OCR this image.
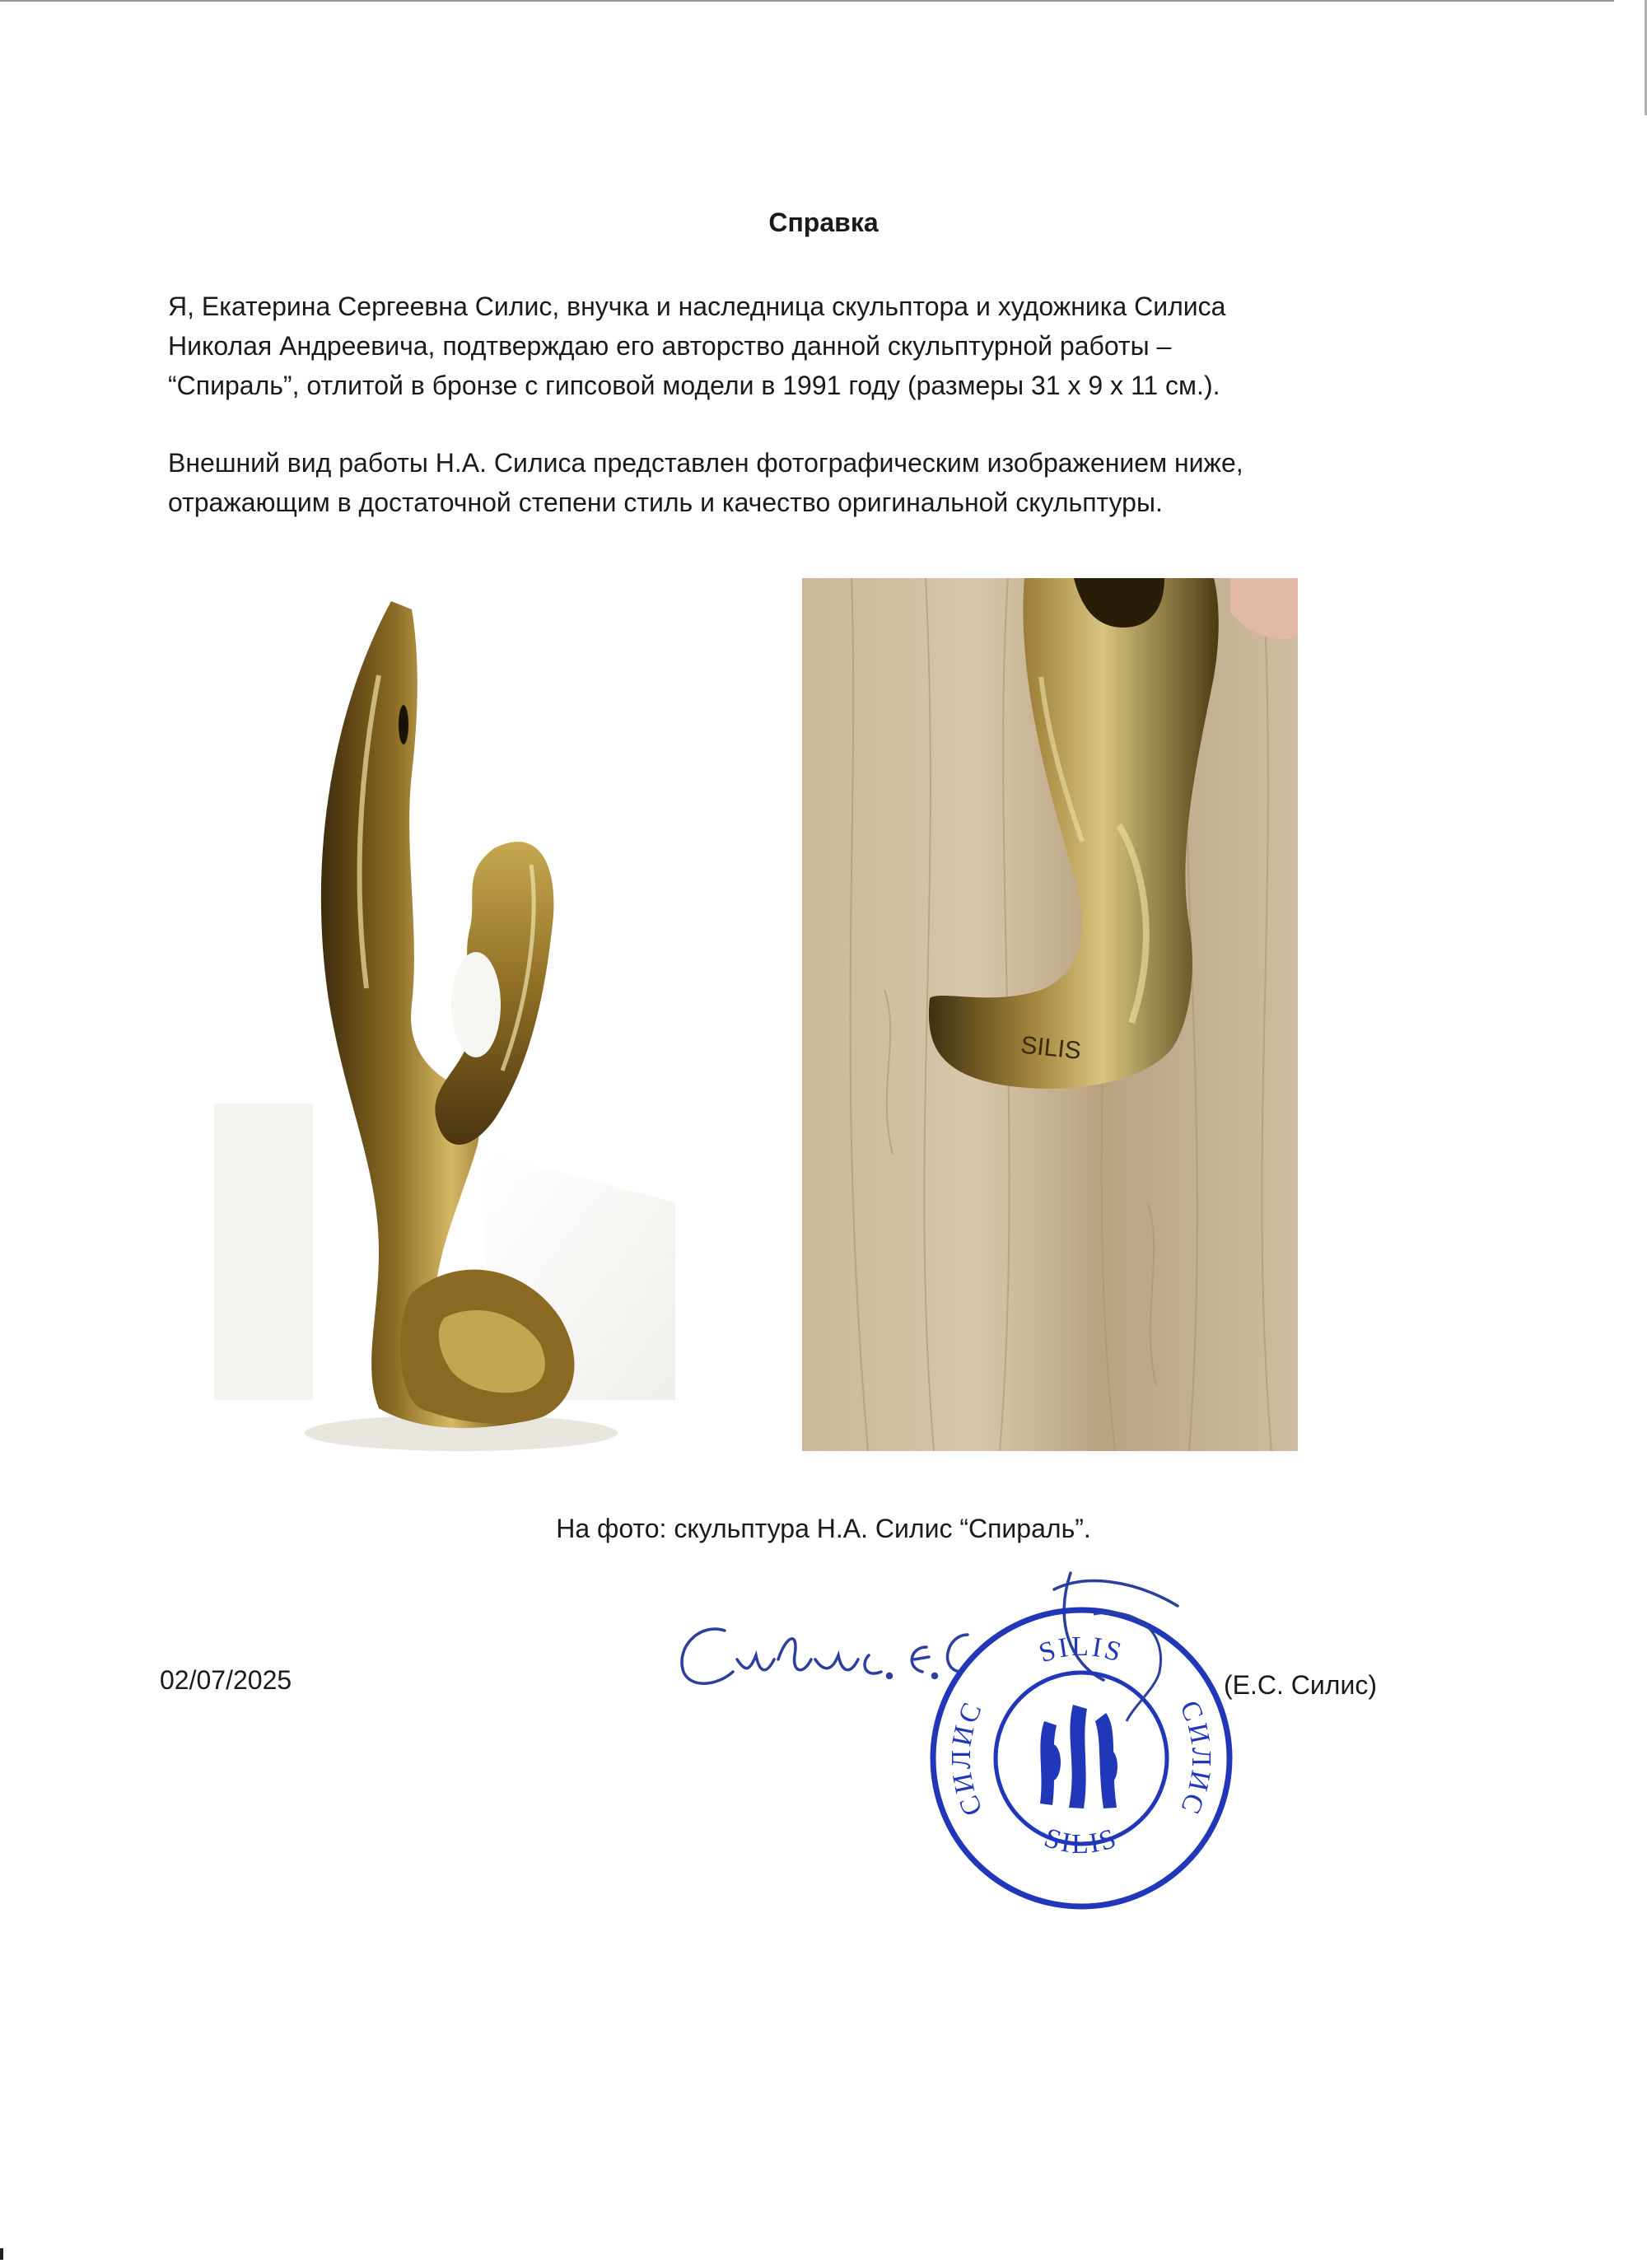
Справка

Я, Екатерина Сергеевна Силис, внучка и наследница скульптора и художника Силиса
Николая Андреевича, подтверждаю его авторство данной скульптурной работы –
“Спираль”, отлитой в бронзе с гипсовой модели в 1991 году (размеры 31 х 9 х 11 см.).

Внешний вид работы Н.А. Силиса представлен фотографическим изображением ниже,
отражающим в достаточной степени стиль и качество оригинальной скульптуры.

SILIS
На фото: скульптура Н.А. Силис “Спираль”.
02/07/2025
SILIS
SILIS
СИЛИС	СИЛИС
(Е.С. Силис)
